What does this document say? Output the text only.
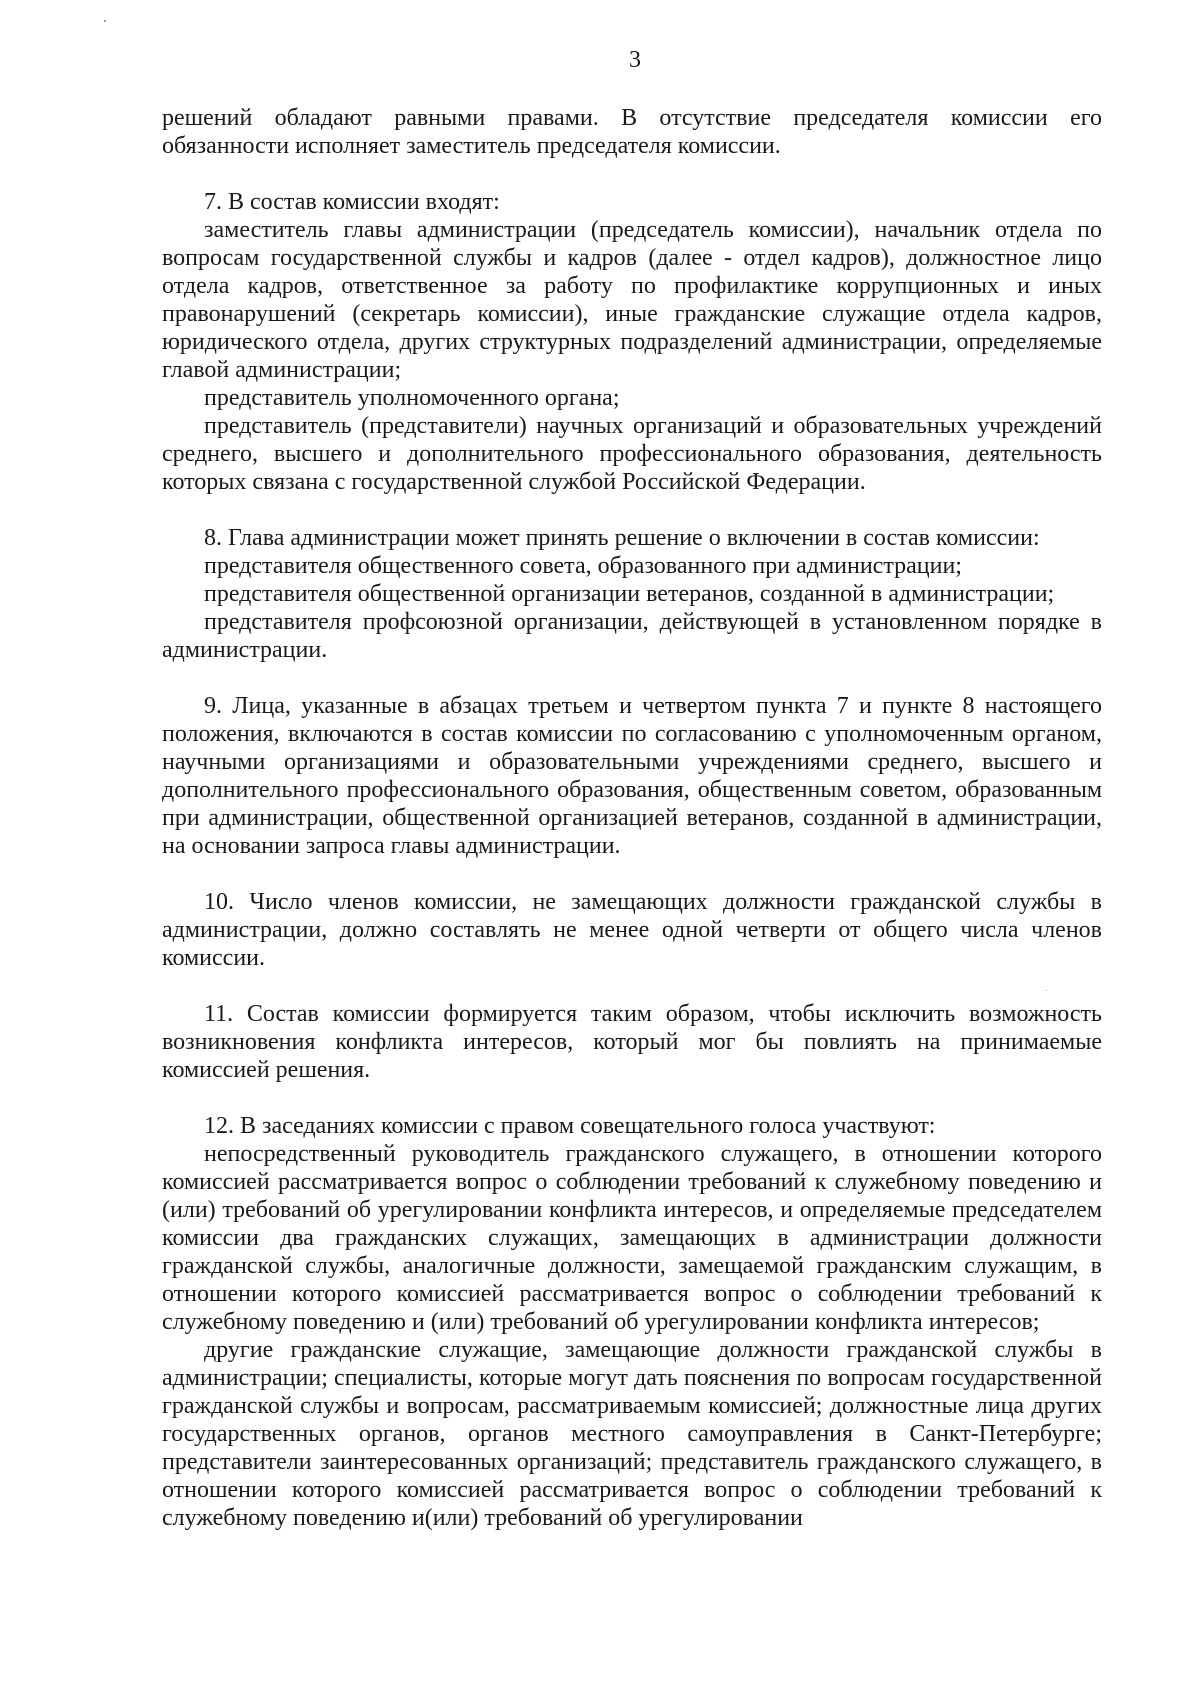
3

решений обладают равными правами. В отсутствие председателя комиссии его обязанности исполняет заместитель председателя комиссии.

7. В состав комиссии входят:

заместитель главы администрации (председатель комиссии), начальник отдела по вопросам государственной службы и кадров (далее - отдел кадров), должностное лицо отдела кадров, ответственное за работу по профилактике коррупционных и иных правонарушений (секретарь комиссии), иные гражданские служащие отдела кадров, юридического отдела, других структурных подразделений администрации, определяемые главой администрации;

представитель уполномоченного органа;

представитель (представители) научных организаций и образовательных учреждений среднего, высшего и дополнительного профессионального образования, деятельность которых связана с государственной службой Российской Федерации.

8. Глава администрации может принять решение о включении в состав комиссии:

представителя общественного совета, образованного при администрации;

представителя общественной организации ветеранов, созданной в администрации;

представителя профсоюзной организации, действующей в установленном порядке в администрации.

9. Лица, указанные в абзацах третьем и четвертом пункта 7 и пункте 8 настоящего положения, включаются в состав комиссии по согласованию с уполномоченным органом, научными организациями и образовательными учреждениями среднего, высшего и дополнительного профессионального образования, общественным советом, образованным при администрации, общественной организацией ветеранов, созданной в администрации, на основании запроса главы администрации.

10. Число членов комиссии, не замещающих должности гражданской службы в администрации, должно составлять не менее одной четверти от общего числа членов комиссии.

11. Состав комиссии формируется таким образом, чтобы исключить возможность возникновения конфликта интересов, который мог бы повлиять на принимаемые комиссией решения.

12. В заседаниях комиссии с правом совещательного голоса участвуют:

непосредственный руководитель гражданского служащего, в отношении которого комиссией рассматривается вопрос о соблюдении требований к служебному поведению и (или) требований об урегулировании конфликта интересов, и определяемые председателем комиссии два гражданских служащих, замещающих в администрации должности гражданской службы, аналогичные должности, замещаемой гражданским служащим, в отношении которого комиссией рассматривается вопрос о соблюдении требований к служебному поведению и (или) требований об урегулировании конфликта интересов;

другие гражданские служащие, замещающие должности гражданской службы в администрации; специалисты, которые могут дать пояснения по вопросам государственной гражданской службы и вопросам, рассматриваемым комиссией; должностные лица других государственных органов, органов местного самоуправления в Санкт-Петербурге; представители заинтересованных организаций; представитель гражданского служащего, в отношении которого комиссией рассматривается вопрос о соблюдении требований к служебному поведению и(или) требований об урегулировании
